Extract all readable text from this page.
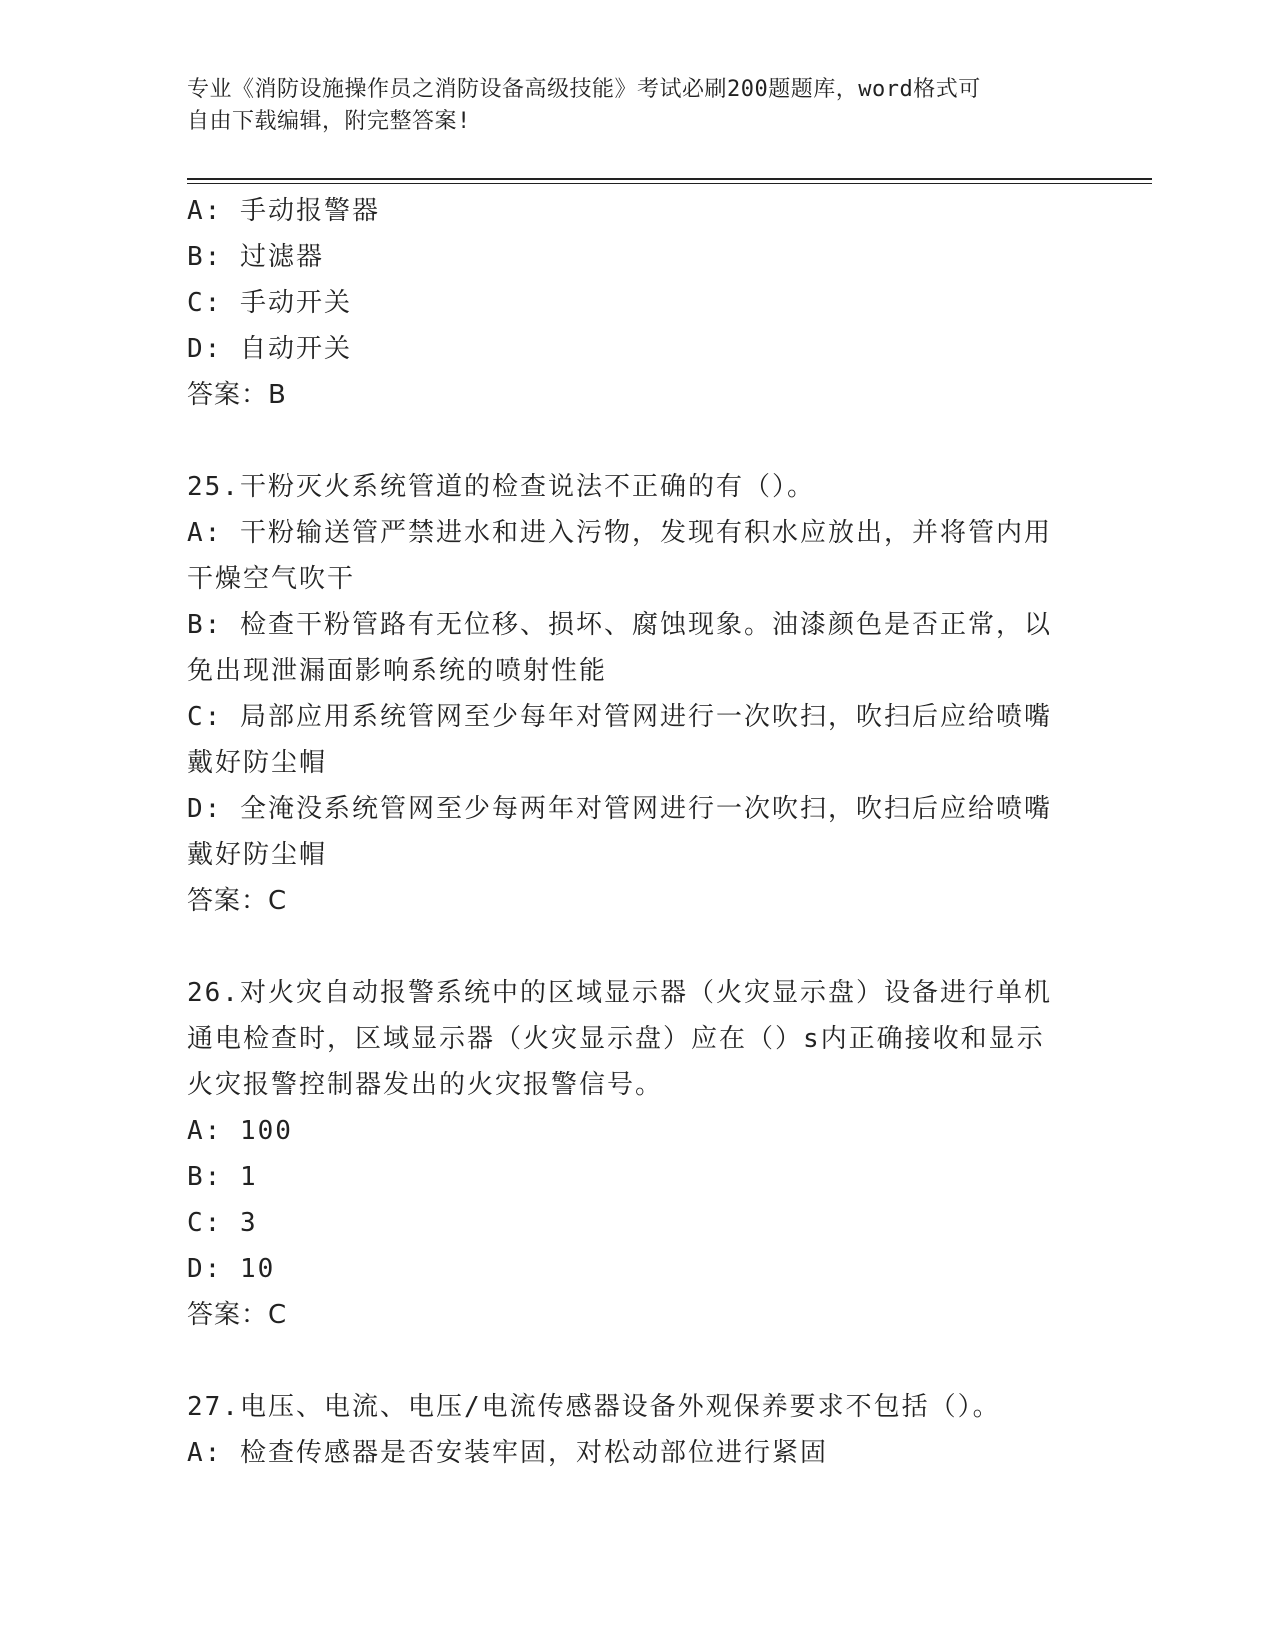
专业《消防设施操作员之消防设备高级技能》考试必刷200题题库，word格式可

自由下载编辑，附完整答案!

A: 手动报警器

B: 过滤器

C: 手动开关

D: 自动开关

答案：B

25.干粉灭火系统管道的检查说法不正确的有（）。

A: 干粉输送管严禁进水和进入污物，发现有积水应放出，并将管内用

干燥空气吹干

B: 检查干粉管路有无位移、损坏、腐蚀现象。油漆颜色是否正常，以

免出现泄漏面影响系统的喷射性能

C: 局部应用系统管网至少每年对管网进行一次吹扫，吹扫后应给喷嘴

戴好防尘帽

D: 全淹没系统管网至少每两年对管网进行一次吹扫，吹扫后应给喷嘴

戴好防尘帽

答案：C

26.对火灾自动报警系统中的区域显示器（火灾显示盘）设备进行单机

通电检查时，区域显示器（火灾显示盘）应在（）s内正确接收和显示

火灾报警控制器发出的火灾报警信号。

A: 100

B: 1

C: 3

D: 10

答案：C

27.电压、电流、电压/电流传感器设备外观保养要求不包括（）。

A: 检查传感器是否安装牢固，对松动部位进行紧固
